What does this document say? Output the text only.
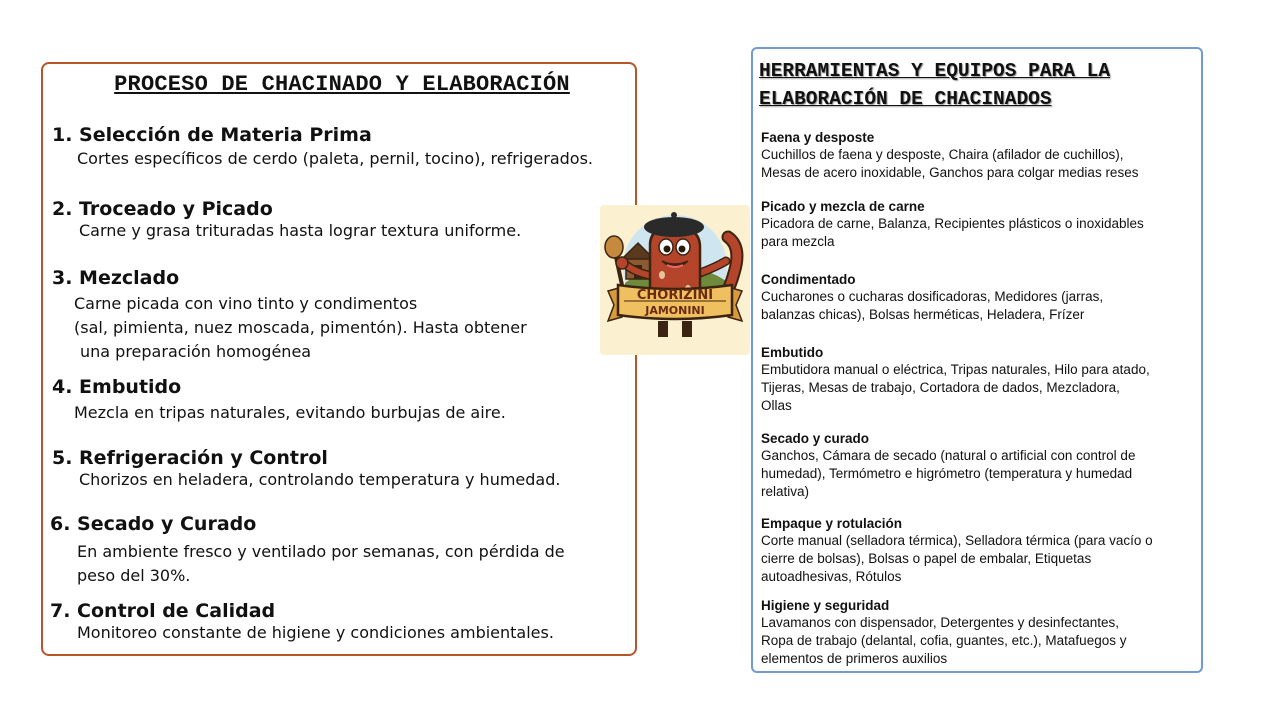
PROCESO DE CHACINADO Y ELABORACIÓN
1. Selección de Materia Prima
Cortes específicos de cerdo (paleta, pernil, tocino), refrigerados.
2. Troceado y Picado
Carne y grasa trituradas hasta lograr textura uniforme.
3. Mezclado
Carne picada con vino tinto y condimentos
(sal, pimienta, nuez moscada, pimentón). Hasta obtener
una preparación homogénea
4. Embutido
Mezcla en tripas naturales, evitando burbujas de aire.
5. Refrigeración y Control
Chorizos en heladera, controlando temperatura y humedad.
6. Secado y Curado
En ambiente fresco y ventilado por semanas, con pérdida de
peso del 30%.
7. Control de Calidad
Monitoreo constante de higiene y condiciones ambientales.
CHORIZINI
JAMONINI
HERRAMIENTAS Y EQUIPOS PARA LA
ELABORACIÓN DE CHACINADOS
Faena y desposte
Cuchillos de faena y desposte, Chaira (afilador de cuchillos),
Mesas de acero inoxidable, Ganchos para colgar medias reses
Picado y mezcla de carne
Picadora de carne, Balanza, Recipientes plásticos o inoxidables
para mezcla
Condimentado
Cucharones o cucharas dosificadoras, Medidores (jarras,
balanzas chicas), Bolsas herméticas, Heladera, Frízer
Embutido
Embutidora manual o eléctrica, Tripas naturales, Hilo para atado,
Tijeras, Mesas de trabajo, Cortadora de dados, Mezcladora,
Ollas
Secado y curado
Ganchos, Cámara de secado (natural o artificial con control de
humedad), Termómetro e higrómetro (temperatura y humedad
relativa)
Empaque y rotulación
Corte manual (selladora térmica), Selladora térmica (para vacío o
cierre de bolsas), Bolsas o papel de embalar, Etiquetas
autoadhesivas, Rótulos
Higiene y seguridad
Lavamanos con dispensador, Detergentes y desinfectantes,
Ropa de trabajo (delantal, cofia, guantes, etc.), Matafuegos y
elementos de primeros auxilios
